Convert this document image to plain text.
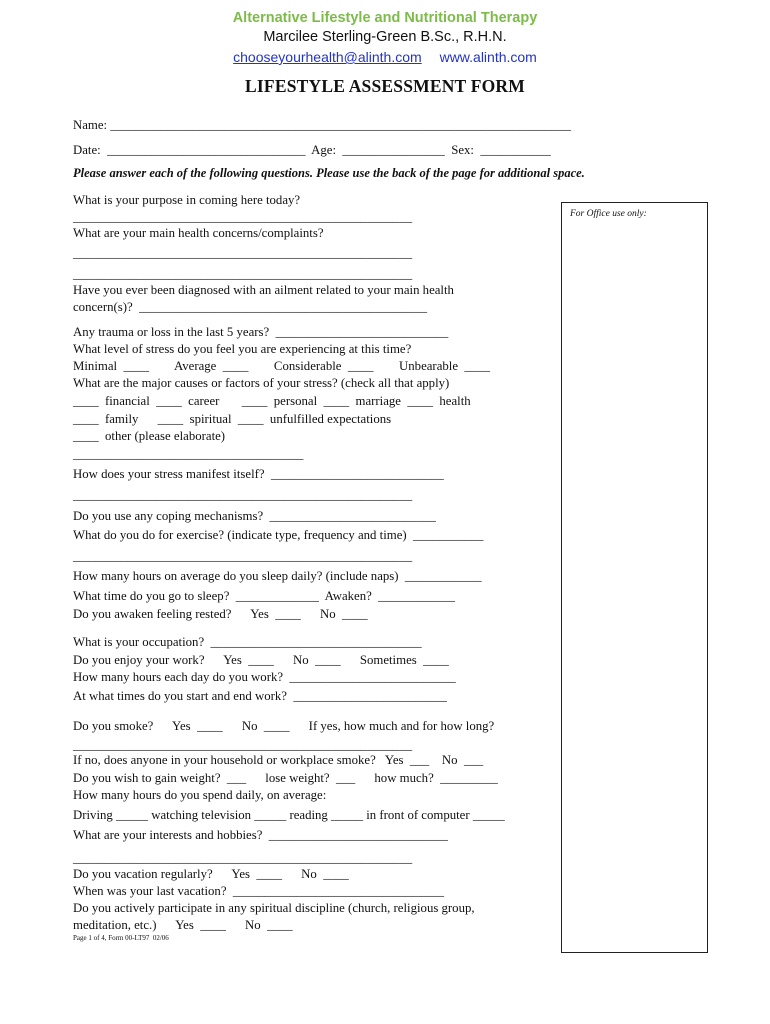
Alternative Lifestyle and Nutritional Therapy
Marcilee Sterling-Green B.Sc., R.H.N.
chooseyourhealth@alinth.com www.alinth.com
LIFESTYLE ASSESSMENT FORM
Name: ________________________________________________________________________
Date:  _______________________________  Age:  ________________  Sex:  ___________
Please answer each of the following questions. Please use the back of the page for additional space.
For Office use only:
What is your purpose in coming here today?
_____________________________________________________
What are your main health concerns/complaints?
_____________________________________________________
_____________________________________________________
Have you ever been diagnosed with an ailment related to your main health
concern(s)?  _____________________________________________
Any trauma or loss in the last 5 years?  ___________________________
What level of stress do you feel you are experiencing at this time?
Minimal  ____        Average  ____        Considerable  ____        Unbearable  ____
What are the major causes or factors of your stress? (check all that apply)
____  financial  ____  career       ____  personal  ____  marriage  ____  health
____  family      ____  spiritual  ____  unfulfilled expectations
____  other (please elaborate)
____________________________________
How does your stress manifest itself?  ___________________________
_____________________________________________________
Do you use any coping mechanisms?  __________________________
What do you do for exercise? (indicate type, frequency and time)  ___________
_____________________________________________________
How many hours on average do you sleep daily? (include naps)  ____________
What time do you go to sleep?  _____________  Awaken?  ____________
Do you awaken feeling rested?      Yes  ____      No  ____
What is your occupation?  _________________________________
Do you enjoy your work?      Yes  ____      No  ____      Sometimes  ____
How many hours each day do you work?  __________________________
At what times do you start and end work?  ________________________
Do you smoke?      Yes  ____      No  ____      If yes, how much and for how long?
_____________________________________________________
If no, does anyone in your household or workplace smoke?   Yes  ___    No  ___
Do you wish to gain weight?  ___      lose weight?  ___      how much?  _________
How many hours do you spend daily, on average:
Driving _____ watching television _____ reading _____ in front of computer _____
What are your interests and hobbies?  ____________________________
_____________________________________________________
Do you vacation regularly?      Yes  ____      No  ____
When was your last vacation?  _________________________________
Do you actively participate in any spiritual discipline (church, religious group,
meditation, etc.)      Yes  ____      No  ____
Page 1 of 4, Form 00-LT97  02/06
